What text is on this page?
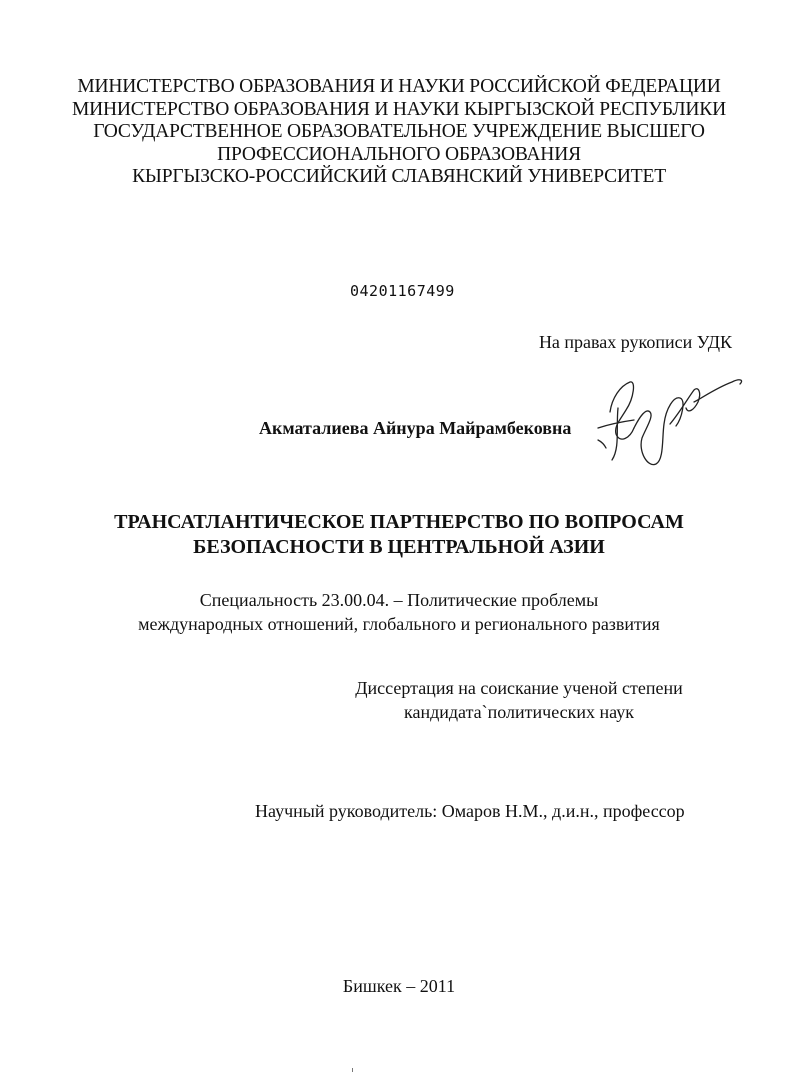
МИНИСТЕРСТВО ОБРАЗОВАНИЯ И НАУКИ РОССИЙСКОЙ ФЕДЕРАЦИИ
МИНИСТЕРСТВО ОБРАЗОВАНИЯ И НАУКИ КЫРГЫЗСКОЙ РЕСПУБЛИКИ
ГОСУДАРСТВЕННОЕ ОБРАЗОВАТЕЛЬНОЕ УЧРЕЖДЕНИЕ ВЫСШЕГО
ПРОФЕССИОНАЛЬНОГО ОБРАЗОВАНИЯ
КЫРГЫЗСКО-РОССИЙСКИЙ СЛАВЯНСКИЙ УНИВЕРСИТЕТ
04201167499
На правах рукописи УДК
Акматалиева Айнура Майрамбековна
ТРАНСАТЛАНТИЧЕСКОЕ ПАРТНЕРСТВО ПО ВОПРОСАМ
БЕЗОПАСНОСТИ В ЦЕНТРАЛЬНОЙ АЗИИ
Специальность 23.00.04. – Политические проблемы
международных отношений, глобального и регионального развития
Диссертация на соискание ученой степени
кандидата`политических наук
Научный руководитель: Омаров Н.М., д.и.н., профессор
Бишкек – 2011
